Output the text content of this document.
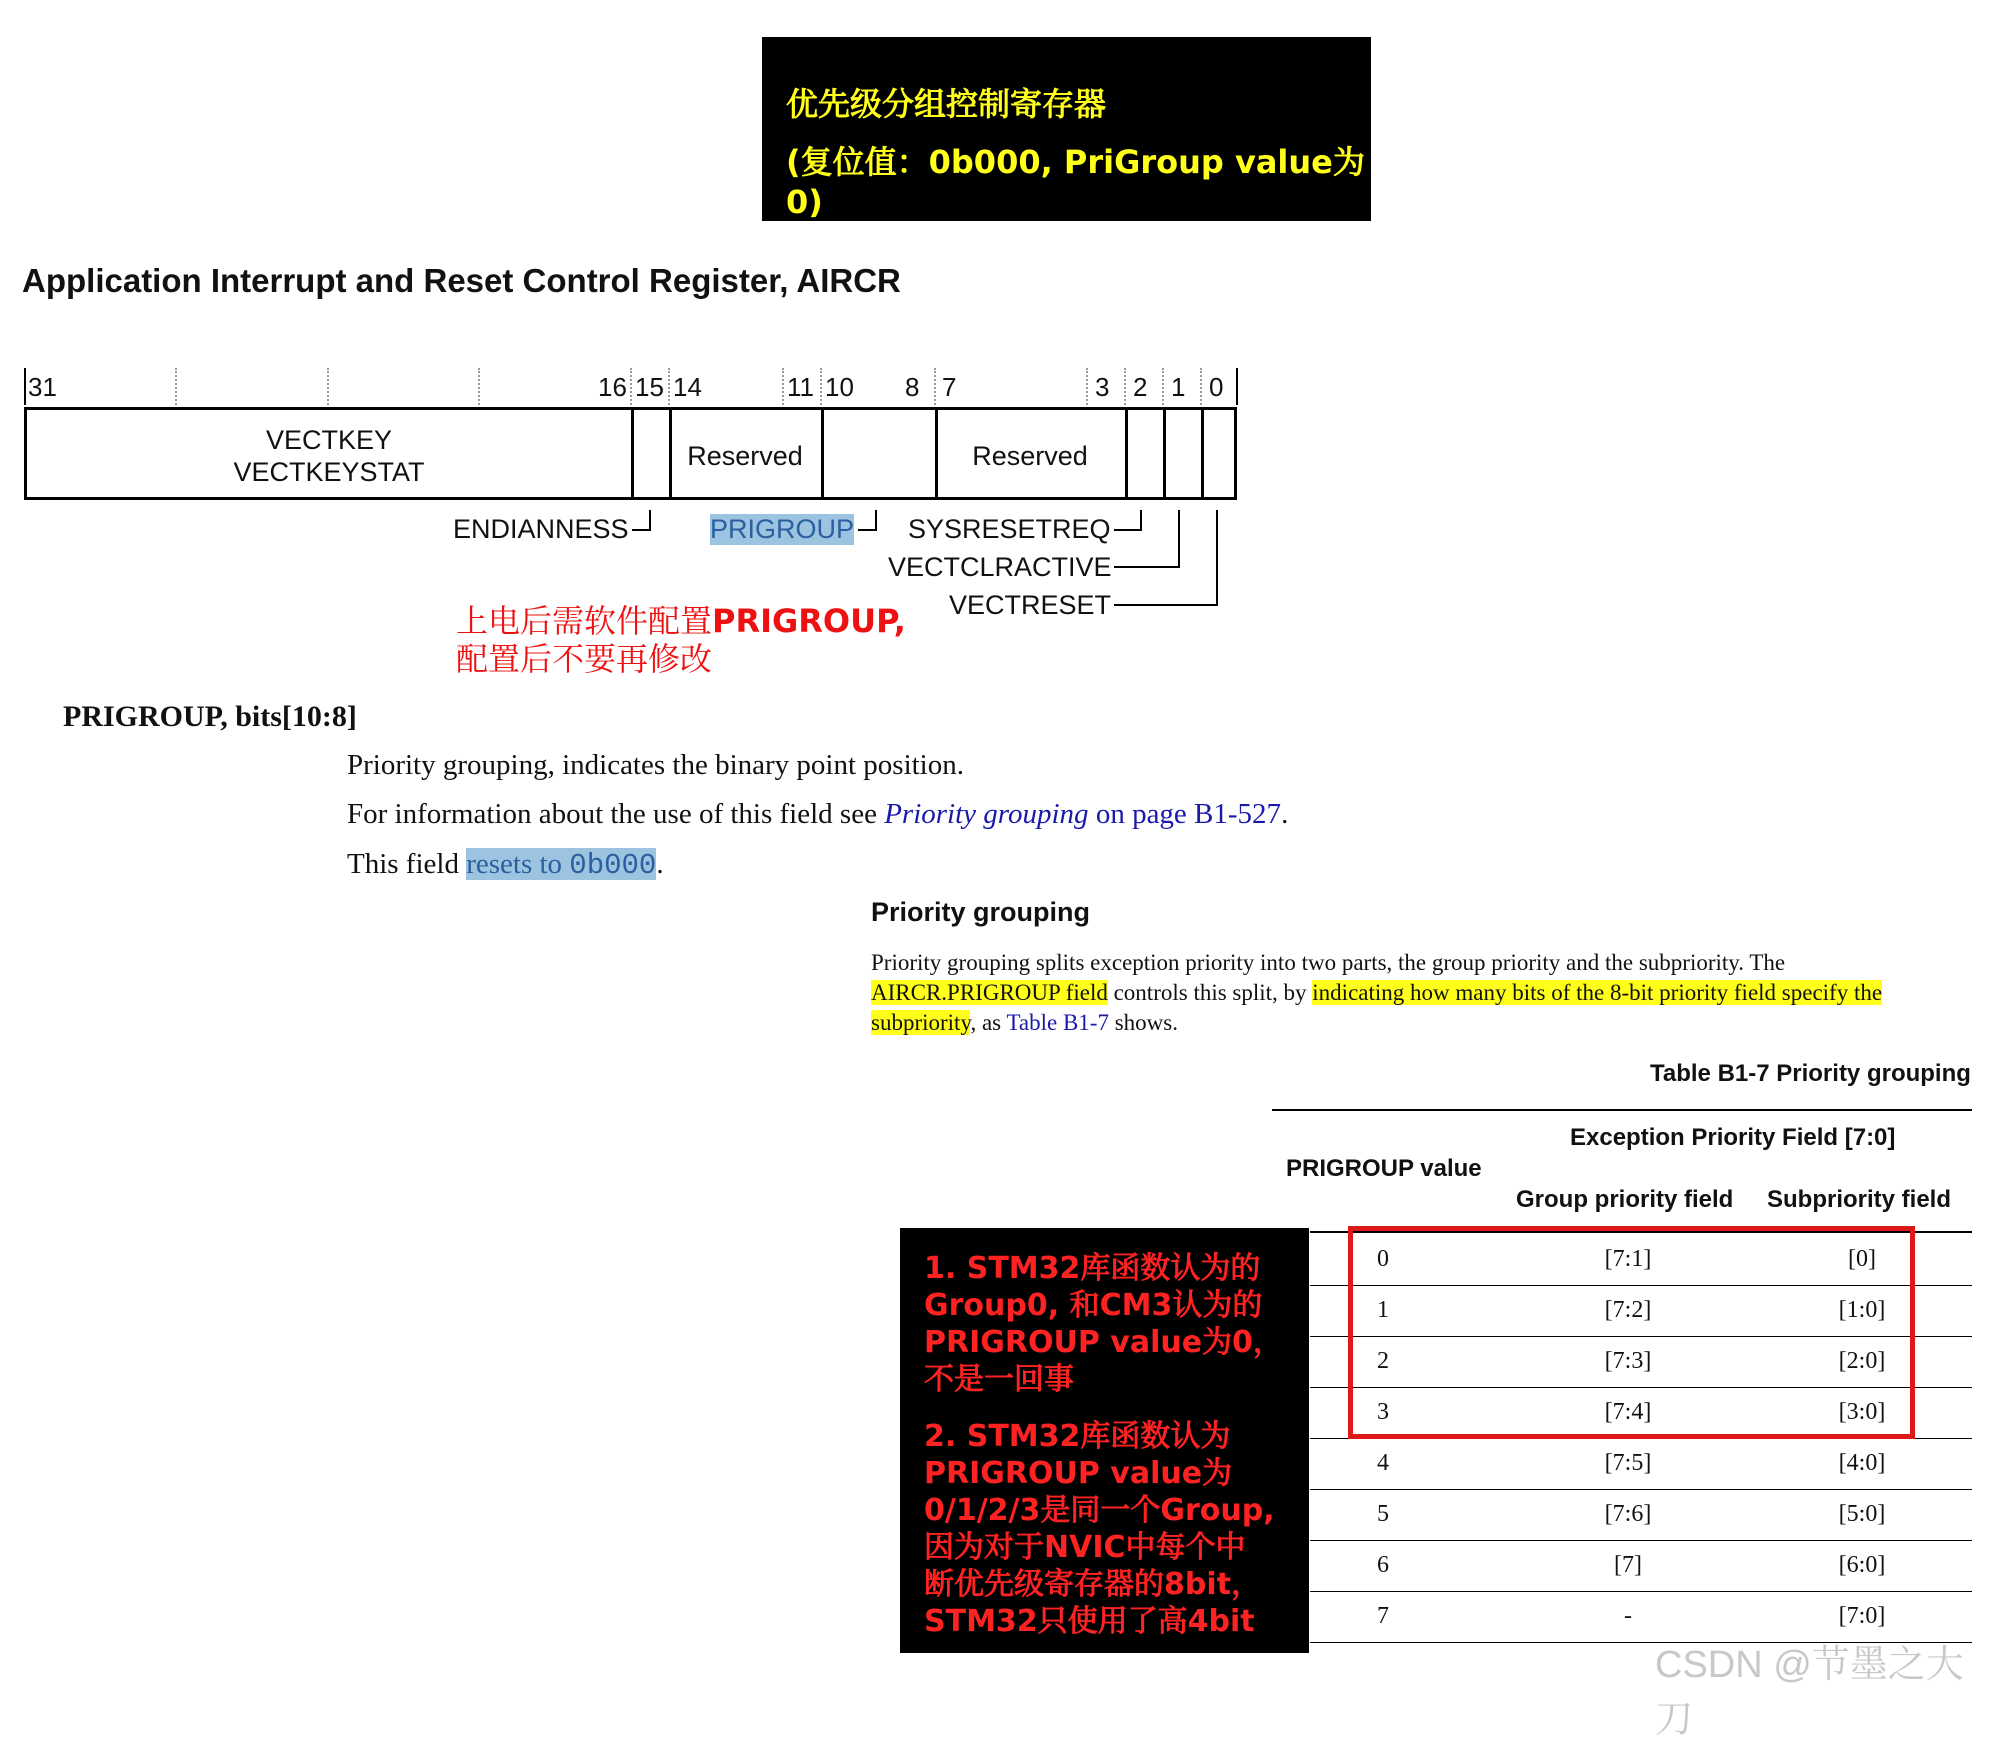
优先级分组控制寄存器
(复位值：0b000, PriGroup value为0)
Application Interrupt and Reset Control Register, AIRCR
31	16 15 14	11 10 8 7	3 2 1 0
VECTKEY
VECTKEYSTAT
Reserved	Reserved
ENDIANNESS	PRIGROUP SYSRESETREQ
VECTCLRACTIVE
VECTRESET
上电后需软件配置PRIGROUP,
配置后不要再修改
PRIGROUP, bits[10:8]
Priority grouping, indicates the binary point position.
For information about the use of this field see Priority grouping on page B1-527.
This field resets to 0b000.
Priority grouping
Priority grouping splits exception priority into two parts, the group priority and the subpriority. The
AIRCR.PRIGROUP field controls this split, by indicating how many bits of the 8-bit priority field specify the
subpriority, as Table B1-7 shows.
Table B1-7 Priority grouping
PRIGROUP value
Exception Priority Field [7:0]
Group priority field Subpriority field
0	[7:1]	[0]
1	[7:2]	[1:0]
2	[7:3]	[2:0]
3	[7:4]	[3:0]
4	[7:5]	[4:0]
5	[7:6]	[5:0]
6	[7]	[6:0]
7	-	[7:0]
1. STM32库函数认为的
Group0, 和CM3认为的
PRIGROUP value为0，
不是一回事
2. STM32库函数认为
PRIGROUP value为
0/1/2/3是同一个Group,
因为对于NVIC中每个中
断优先级寄存器的8bit，
STM32只使用了高4bit
CSDN @节墨之大刀
